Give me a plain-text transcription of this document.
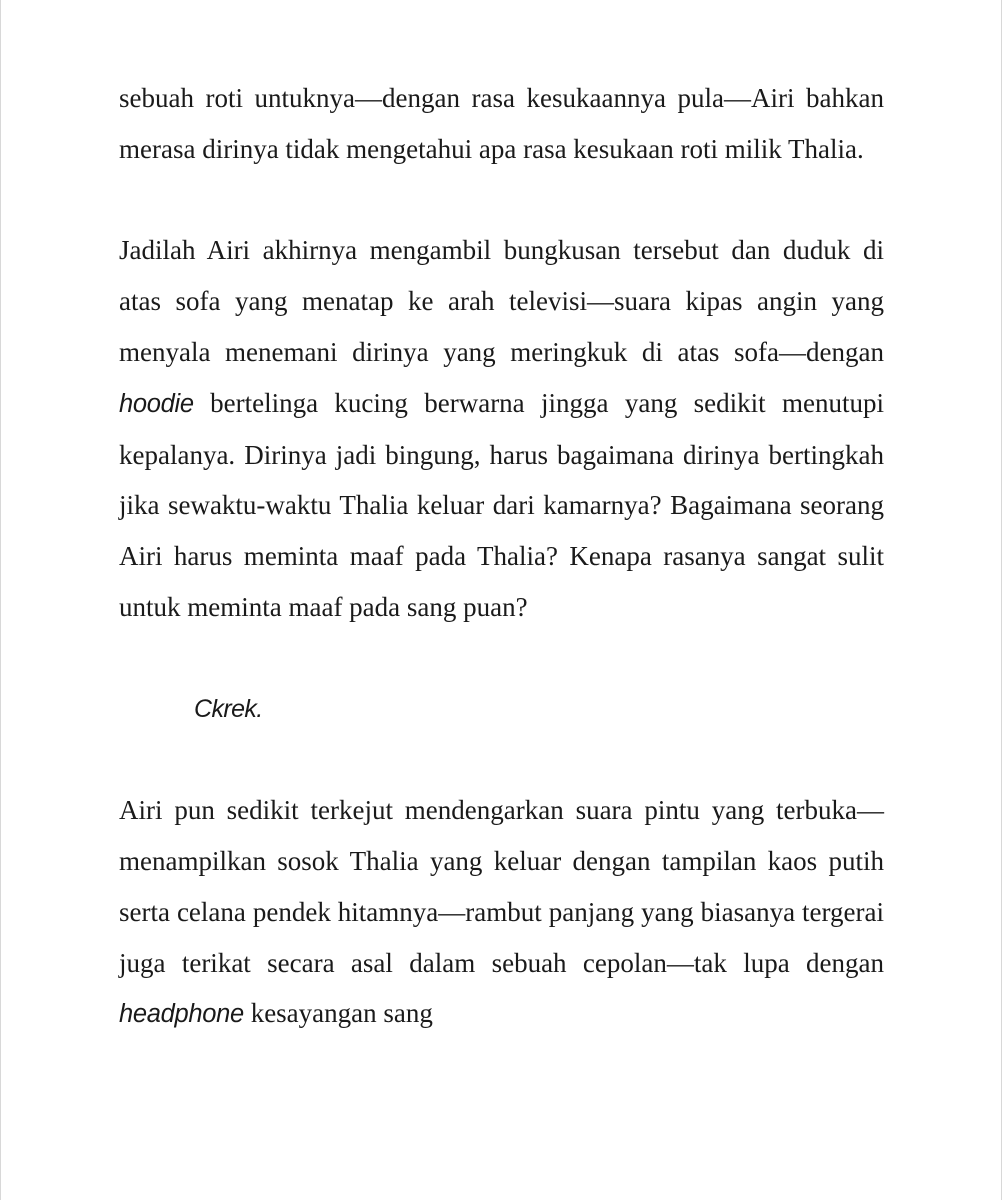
sebuah roti untuknya—dengan rasa kesukaannya pula—Airi bahkan merasa dirinya tidak mengetahui apa rasa kesukaan roti milik Thalia.

Jadilah Airi akhirnya mengambil bungkusan tersebut dan duduk di atas sofa yang menatap ke arah televisi—suara kipas angin yang menyala menemani dirinya yang meringkuk di atas sofa—dengan hoodie bertelinga kucing berwarna jingga yang sedikit menutupi kepalanya. Dirinya jadi bingung, harus bagaimana dirinya bertingkah jika sewaktu-waktu Thalia keluar dari kamarnya? Bagaimana seorang Airi harus meminta maaf pada Thalia? Kenapa rasanya sangat sulit untuk meminta maaf pada sang puan?

Ckrek.

Airi pun sedikit terkejut mendengarkan suara pintu yang terbuka—menampilkan sosok Thalia yang keluar dengan tampilan kaos putih serta celana pendek hitamnya—rambut panjang yang biasanya tergerai juga terikat secara asal dalam sebuah cepolan—tak lupa dengan headphone kesayangan sang
